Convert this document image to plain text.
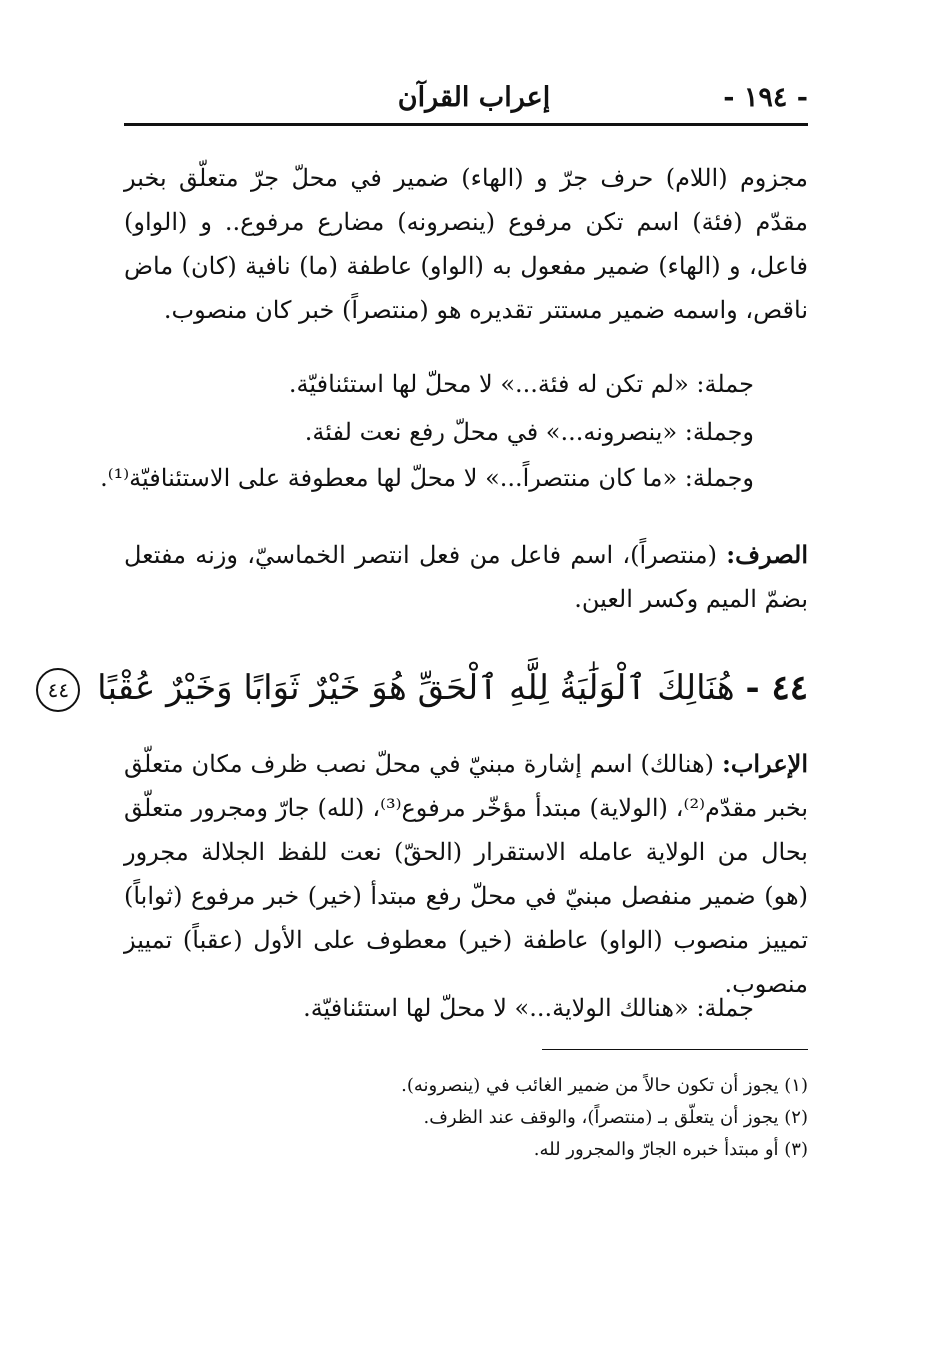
- ١٩٤ -
إعراب القرآن
مجزوم (اللام) حرف جرّ و (الهاء) ضمير في محلّ جرّ متعلّق بخبر مقدّم (فئة) اسم تكن مرفوع (ينصرونه) مضارع مرفوع.. و (الواو) فاعل، و (الهاء) ضمير مفعول به (الواو) عاطفة (ما) نافية (كان) ماض ناقص، واسمه ضمير مستتر تقديره هو (منتصراً) خبر كان منصوب.
جملة: «لم تكن له فئة...» لا محلّ لها استئنافيّة.
وجملة: «ينصرونه...» في محلّ رفع نعت لفئة.
وجملة: «ما كان منتصراً...» لا محلّ لها معطوفة على الاستئنافيّة⁽¹⁾.
الصرف: (منتصراً)، اسم فاعل من فعل انتصر الخماسيّ، وزنه مفتعل بضمّ الميم وكسر العين.
٤٤ - هُنَالِكَ ٱلْوَلَٰيَةُ لِلَّهِ ٱلْحَقِّ هُوَ خَيْرٌ ثَوَابًا وَخَيْرٌ عُقْبًا ٤٤
الإعراب: (هنالك) اسم إشارة مبنيّ في محلّ نصب ظرف مكان متعلّق بخبر مقدّم⁽²⁾، (الولاية) مبتدأ مؤخّر مرفوع⁽³⁾، (لله) جارّ ومجرور متعلّق بحال من الولاية عامله الاستقرار (الحقّ) نعت للفظ الجلالة مجرور (هو) ضمير منفصل مبنيّ في محلّ رفع مبتدأ (خير) خبر مرفوع (ثواباً) تمييز منصوب (الواو) عاطفة (خير) معطوف على الأول (عقباً) تمييز منصوب.
جملة: «هنالك الولاية...» لا محلّ لها استئنافيّة.
(١) يجوز أن تكون حالاً من ضمير الغائب في (ينصرونه).
(٢) يجوز أن يتعلّق بـ (منتصراً)، والوقف عند الظرف.
(٣) أو مبتدأ خبره الجارّ والمجرور لله.
